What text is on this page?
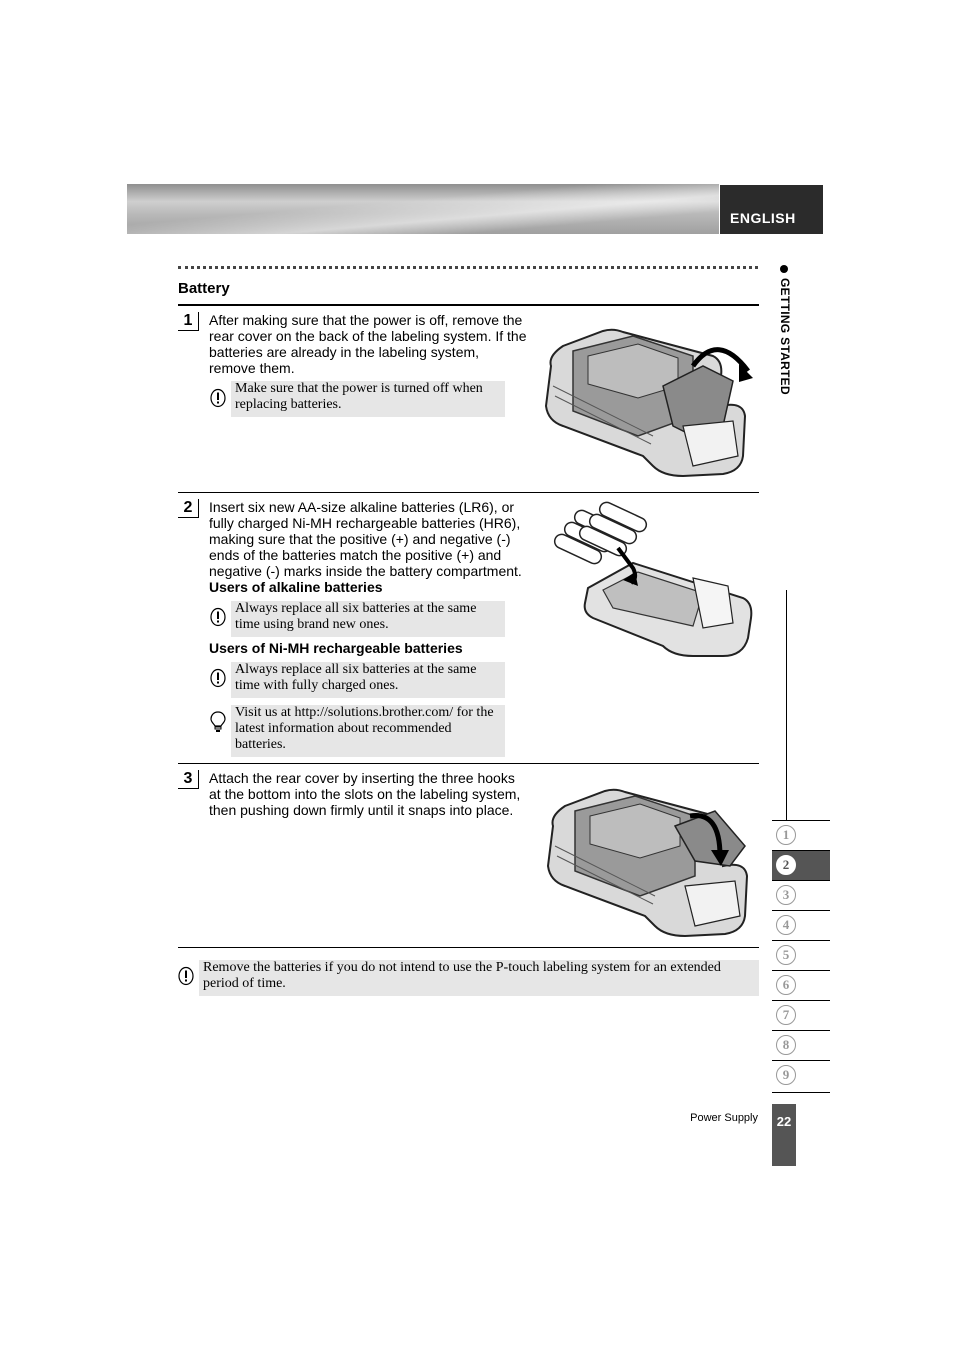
ENGLISH
Battery
1	After making sure that the power is off, remove the
rear cover on the back of the labeling system. If the
batteries are already in the labeling system,
remove them.
Make sure that the power is turned off when
replacing batteries.
2	Insert six new AA-size alkaline batteries (LR6), or
fully charged Ni-MH rechargeable batteries (HR6),
making sure that the positive (+) and negative (-)
ends of the batteries match the positive (+) and
negative (-) marks inside the battery compartment.
Users of alkaline batteries
Always replace all six batteries at the same
time using brand new ones.
Users of Ni-MH rechargeable batteries
Always replace all six batteries at the same
time with fully charged ones.
Visit us at http://solutions.brother.com/ for the
latest information about recommended
batteries.
3	Attach the rear cover by inserting the three hooks
at the bottom into the slots on the labeling system,
then pushing down firmly until it snaps into place.
Remove the batteries if you do not intend to use the P-touch labeling system for an extended
period of time.
GETTING STARTED
1
2
3
4
5
6
7
8
9
Power Supply	22
